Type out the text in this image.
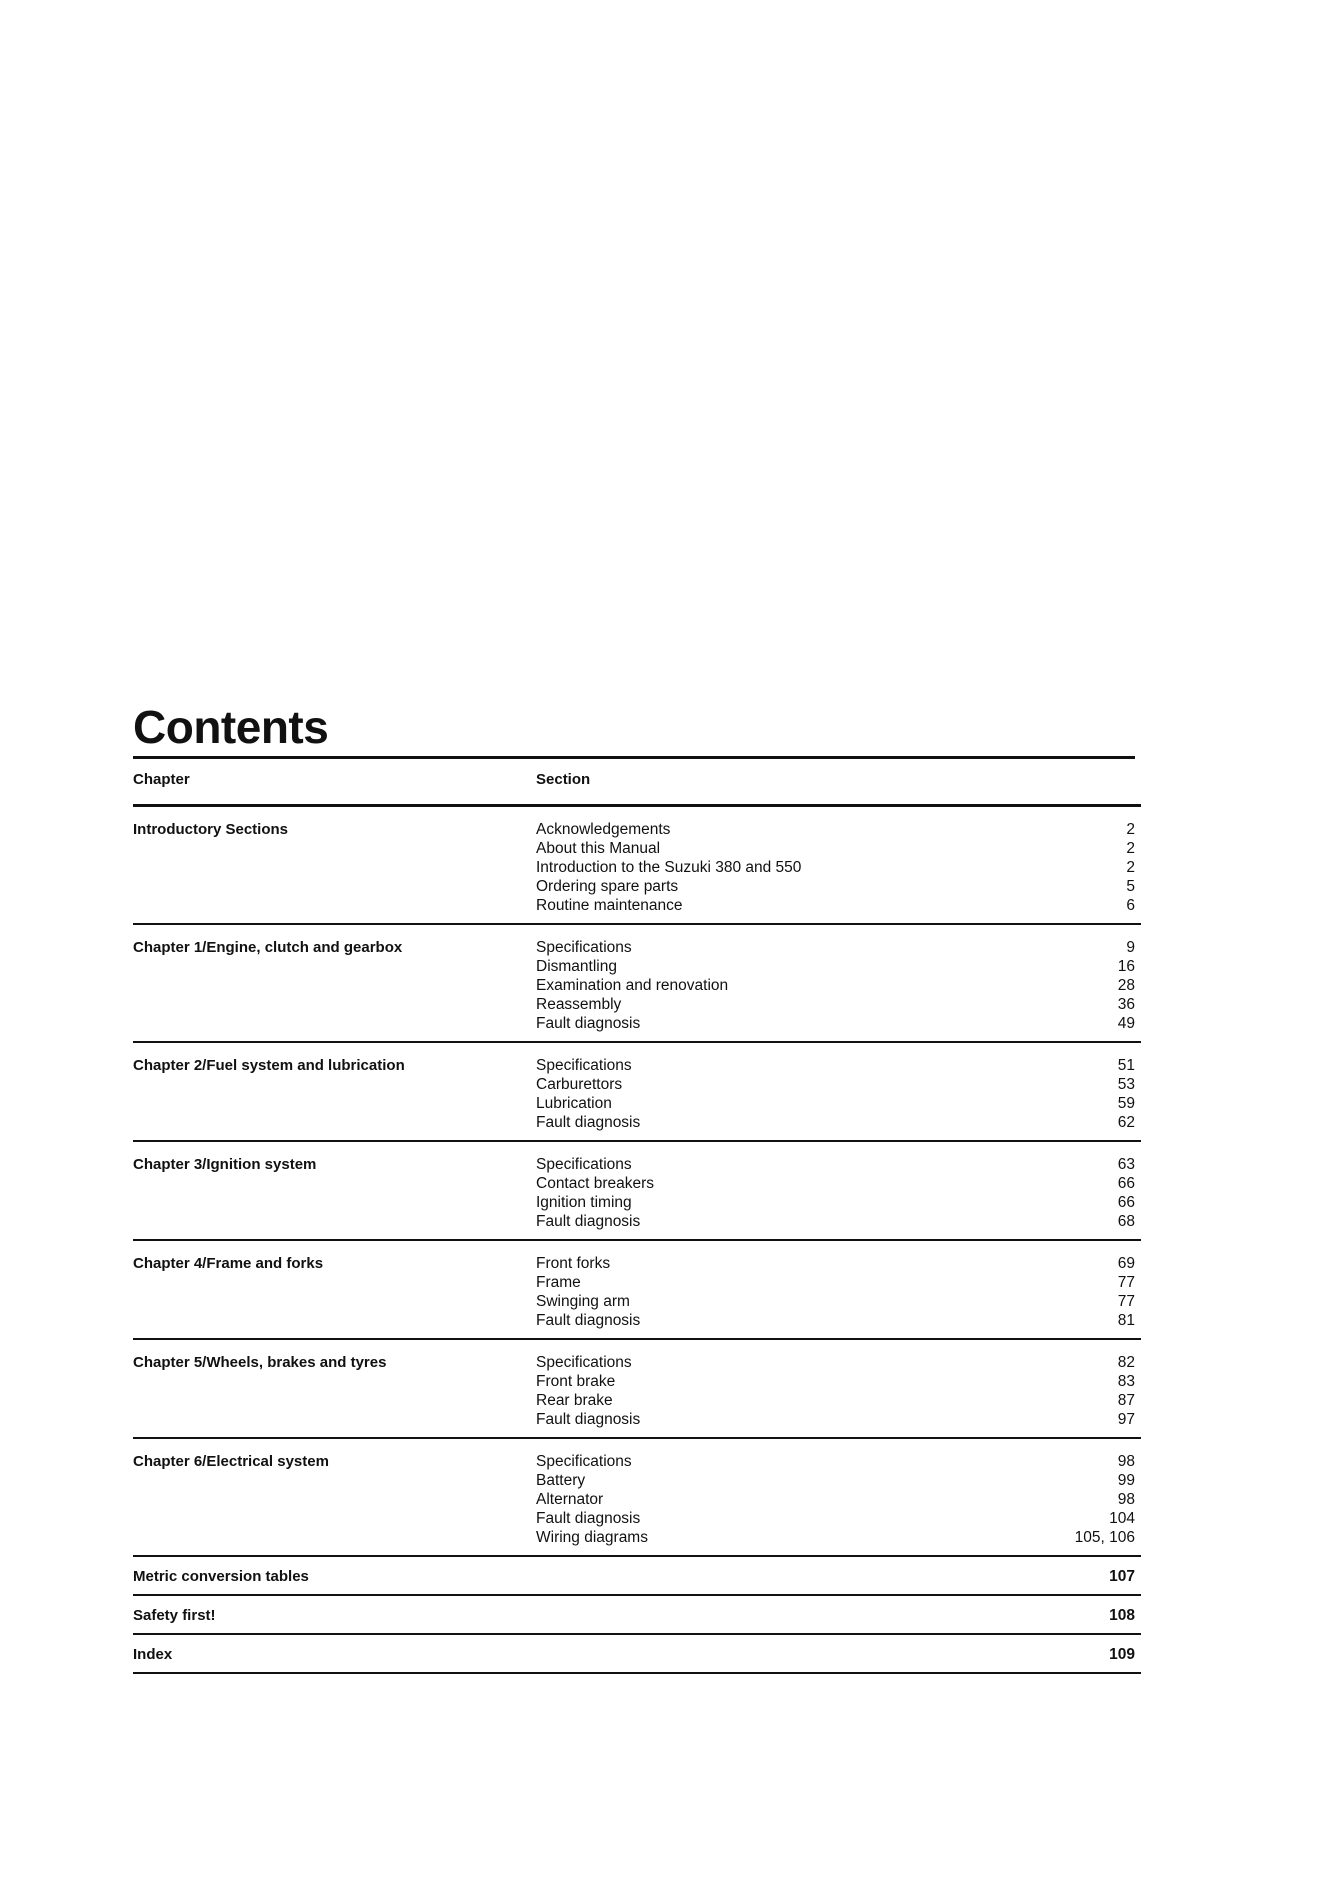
Contents
Chapter	Section
Introductory Sections	Acknowledgements	2
About this Manual	2
Introduction to the Suzuki 380 and 550	2
Ordering spare parts	5
Routine maintenance	6
Chapter 1/Engine, clutch and gearbox	Specifications	9
Dismantling	16
Examination and renovation	28
Reassembly	36
Fault diagnosis	49
Chapter 2/Fuel system and lubrication	Specifications	51
Carburettors	53
Lubrication	59
Fault diagnosis	62
Chapter 3/Ignition system	Specifications	63
Contact breakers	66
Ignition timing	66
Fault diagnosis	68
Chapter 4/Frame and forks	Front forks	69
Frame	77
Swinging arm	77
Fault diagnosis	81
Chapter 5/Wheels, brakes and tyres	Specifications	82
Front brake	83
Rear brake	87
Fault diagnosis	97
Chapter 6/Electrical system	Specifications	98
Battery	99
Alternator	98
Fault diagnosis	104
Wiring diagrams	105, 106
Metric conversion tables	107
Safety first!	108
Index	109
